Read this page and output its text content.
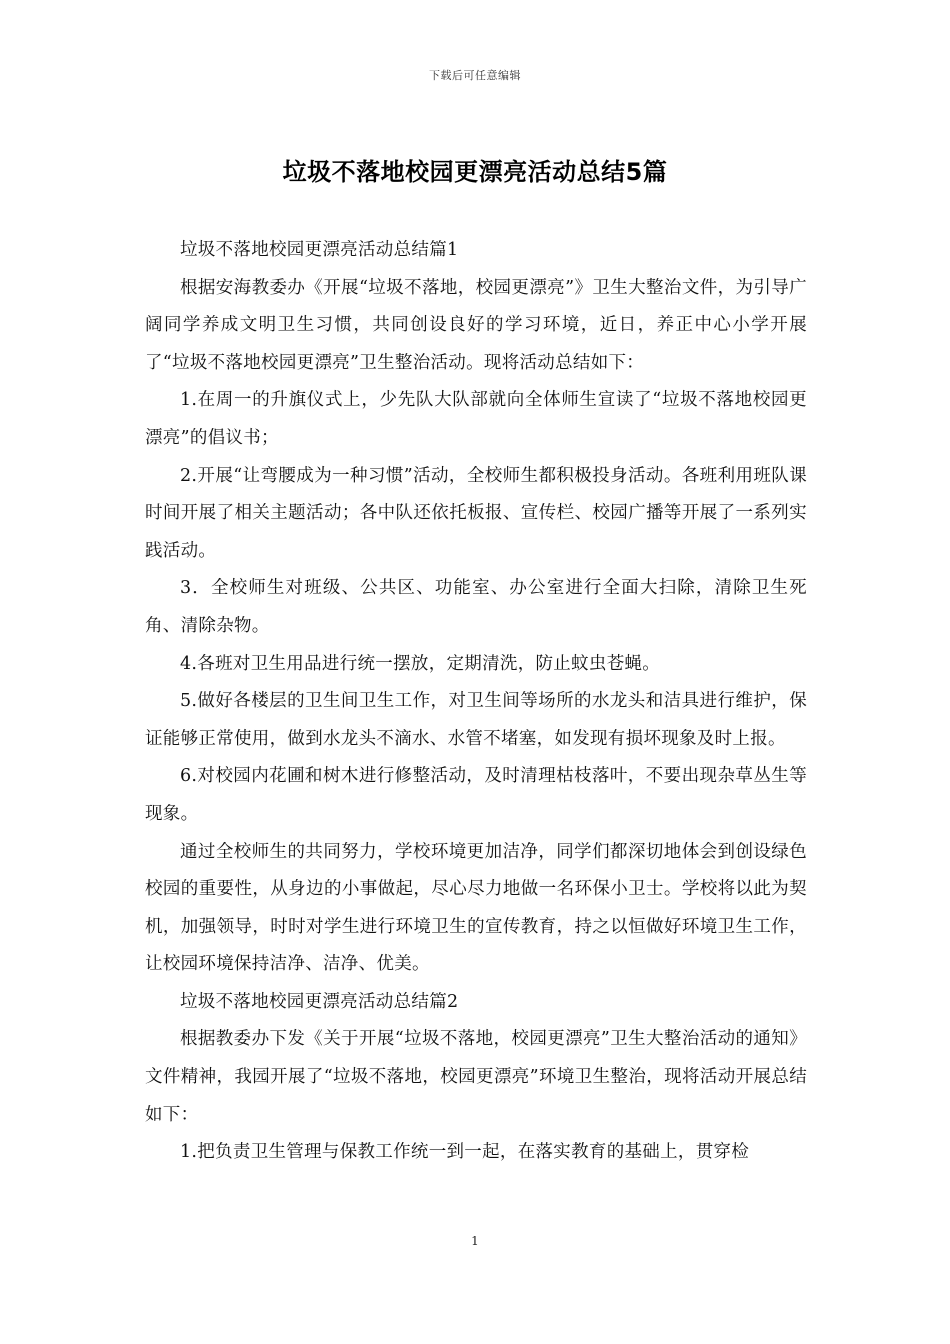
下载后可任意编辑
垃圾不落地校园更漂亮活动总结5篇

垃圾不落地校园更漂亮活动总结篇1

根据安海教委办《开展“垃圾不落地，校园更漂亮”》卫生大整治文件，为引导广阔同学养成文明卫生习惯，共同创设良好的学习环境，近日，养正中心小学开展了“垃圾不落地校园更漂亮”卫生整治活动。现将活动总结如下：

1.在周一的升旗仪式上，少先队大队部就向全体师生宣读了“垃圾不落地校园更漂亮”的倡议书；

2.开展“让弯腰成为一种习惯”活动，全校师生都积极投身活动。各班利用班队课时间开展了相关主题活动；各中队还依托板报、宣传栏、校园广播等开展了一系列实践活动。

3．全校师生对班级、公共区、功能室、办公室进行全面大扫除，清除卫生死角、清除杂物。

4.各班对卫生用品进行统一摆放，定期清洗，防止蚊虫苍蝇。

5.做好各楼层的卫生间卫生工作，对卫生间等场所的水龙头和洁具进行维护，保证能够正常使用，做到水龙头不滴水、水管不堵塞，如发现有损坏现象及时上报。

6.对校园内花圃和树木进行修整活动，及时清理枯枝落叶，不要出现杂草丛生等现象。

通过全校师生的共同努力，学校环境更加洁净，同学们都深切地体会到创设绿色校园的重要性，从身边的小事做起，尽心尽力地做一名环保小卫士。学校将以此为契机，加强领导，时时对学生进行环境卫生的宣传教育，持之以恒做好环境卫生工作，让校园环境保持洁净、洁净、优美。

垃圾不落地校园更漂亮活动总结篇2

根据教委办下发《关于开展“垃圾不落地，校园更漂亮”卫生大整治活动的通知》文件精神，我园开展了“垃圾不落地，校园更漂亮”环境卫生整治，现将活动开展总结如下：

1.把负责卫生管理与保教工作统一到一起，在落实教育的基础上，贯穿检

1
